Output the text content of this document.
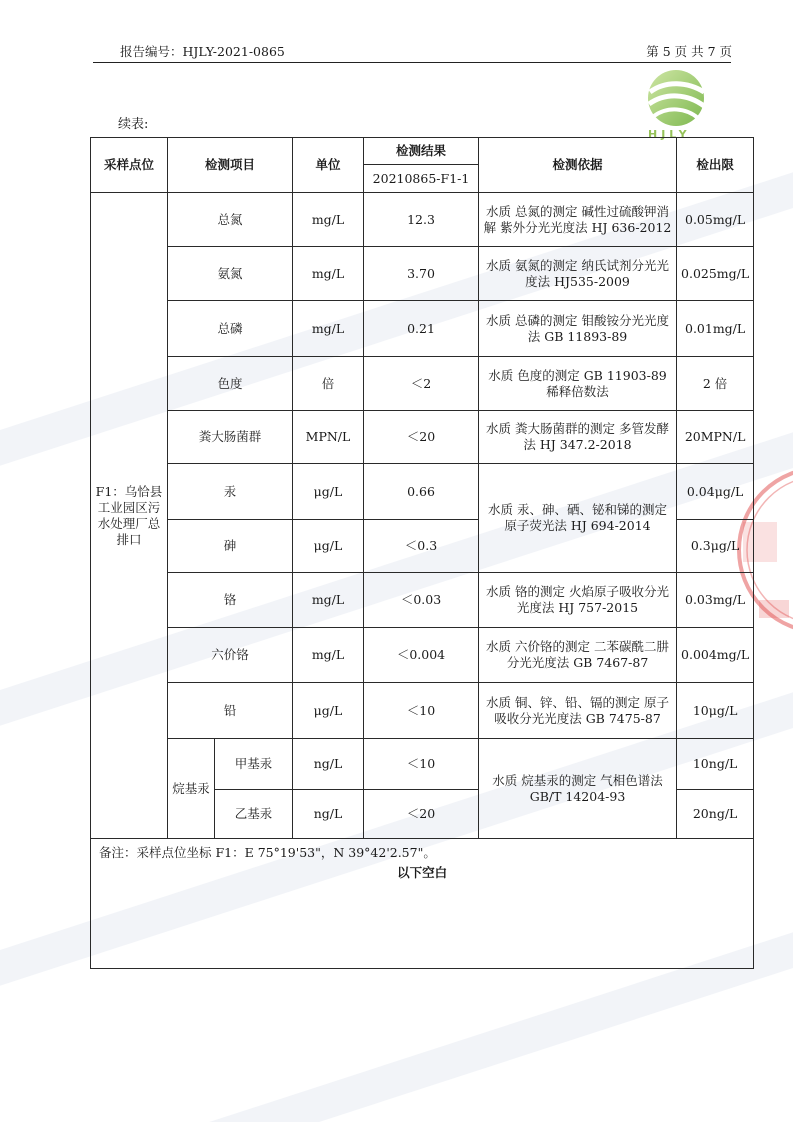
报告编号：HJLY-2021-0865	第 5 页 共 7 页
HJLY
续表:
采样点位	检测项目		单位	检测结果	检测依据	检出限
				20210865-F1-1		
F1：乌恰县工业园区污水处理厂总排口	总氮		mg/L	12.3	水质 总氮的测定 碱性过硫酸钾消解 紫外分光光度法 HJ 636-2012	0.05mg/L
	氨氮		mg/L	3.70	水质 氨氮的测定 纳氏试剂分光光度法 HJ535-2009	0.025mg/L
	总磷		mg/L	0.21	水质 总磷的测定 钼酸铵分光光度法 GB 11893-89	0.01mg/L
	色度		倍	＜2	水质 色度的测定 GB 11903-89 稀释倍数法	2 倍
	粪大肠菌群		MPN/L	＜20	水质 粪大肠菌群的测定 多管发酵法 HJ 347.2-2018	20MPN/L
	汞		μg/L	0.66	水质 汞、砷、硒、铋和锑的测定 原子荧光法 HJ 694-2014	0.04μg/L
	砷		μg/L	＜0.3		0.3μg/L
	铬		mg/L	＜0.03	水质 铬的测定 火焰原子吸收分光光度法 HJ 757-2015	0.03mg/L
	六价铬		mg/L	＜0.004	水质 六价铬的测定 二苯碳酰二肼分光光度法 GB 7467-87	0.004mg/L
	铅		μg/L	＜10	水质 铜、锌、铅、镉的测定 原子吸收分光光度法 GB 7475-87	10μg/L
	烷基汞	甲基汞	ng/L	＜10	水质 烷基汞的测定 气相色谱法 GB/T 14204-93	10ng/L
		乙基汞	ng/L	＜20		20ng/L

备注：采样点位坐标 F1：E 75°19'53"，N 39°42'2.57"。
以下空白						
